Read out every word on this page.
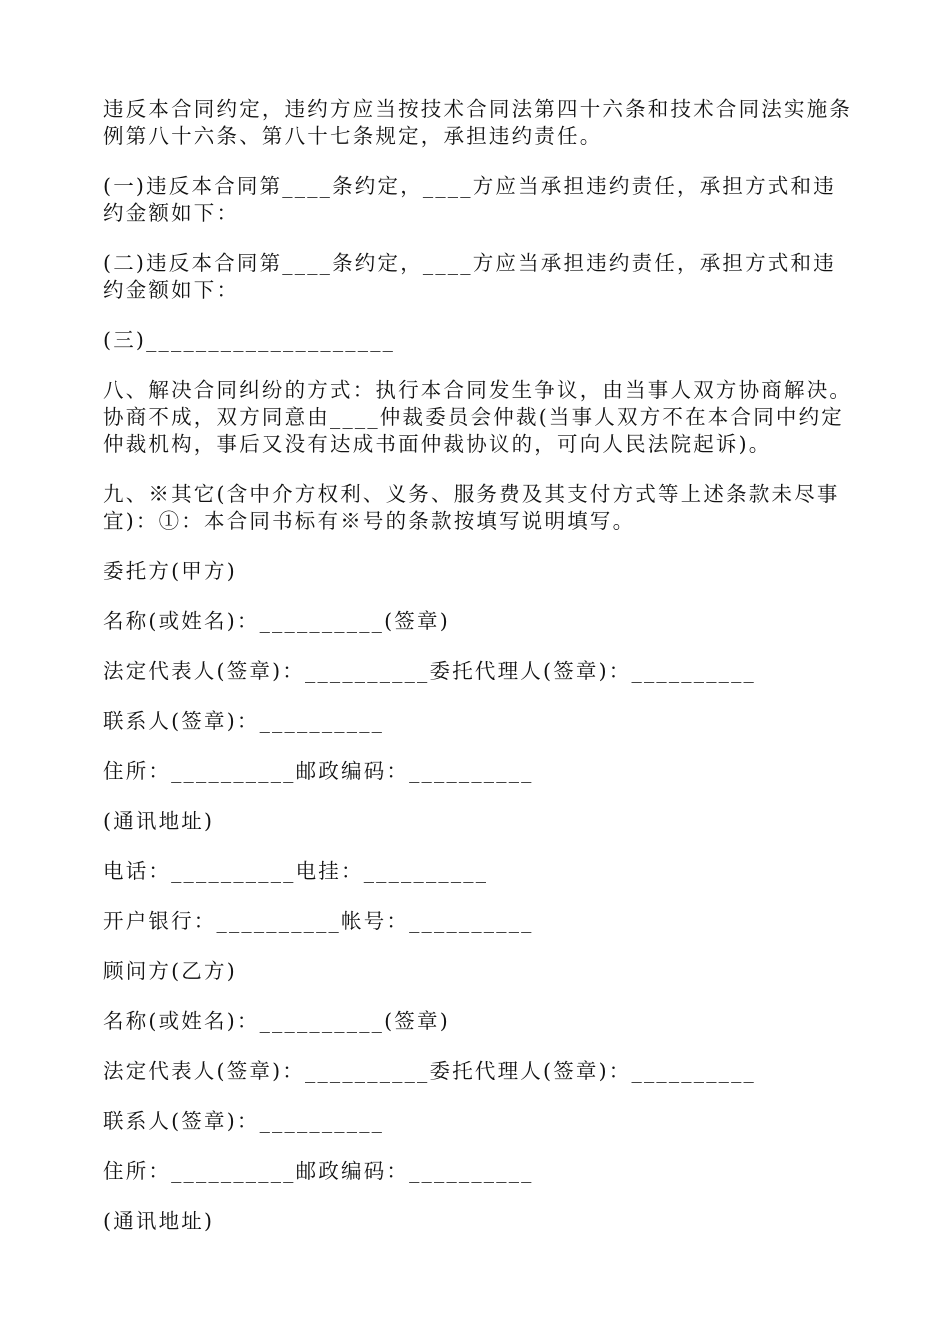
违反本合同约定，违约方应当按技术合同法第四十六条和技术合同法实施条例第八十六条、第八十七条规定，承担违约责任。

(一)违反本合同第____条约定，____方应当承担违约责任，承担方式和违约金额如下：

(二)违反本合同第____条约定，____方应当承担违约责任，承担方式和违约金额如下：

(三)____________________

八、解决合同纠纷的方式：执行本合同发生争议，由当事人双方协商解决。协商不成，双方同意由____仲裁委员会仲裁(当事人双方不在本合同中约定仲裁机构，事后又没有达成书面仲裁协议的，可向人民法院起诉)。

九、※其它(含中介方权利、义务、服务费及其支付方式等上述条款未尽事宜)：①：本合同书标有※号的条款按填写说明填写。

委托方(甲方)
名称(或姓名)：__________(签章)
法定代表人(签章)：__________委托代理人(签章)：__________
联系人(签章)：__________
住所：__________邮政编码：__________
(通讯地址)
电话：__________电挂：__________
开户银行：__________帐号：__________
顾问方(乙方)
名称(或姓名)：__________(签章)
法定代表人(签章)：__________委托代理人(签章)：__________
联系人(签章)：__________
住所：__________邮政编码：__________
(通讯地址)
